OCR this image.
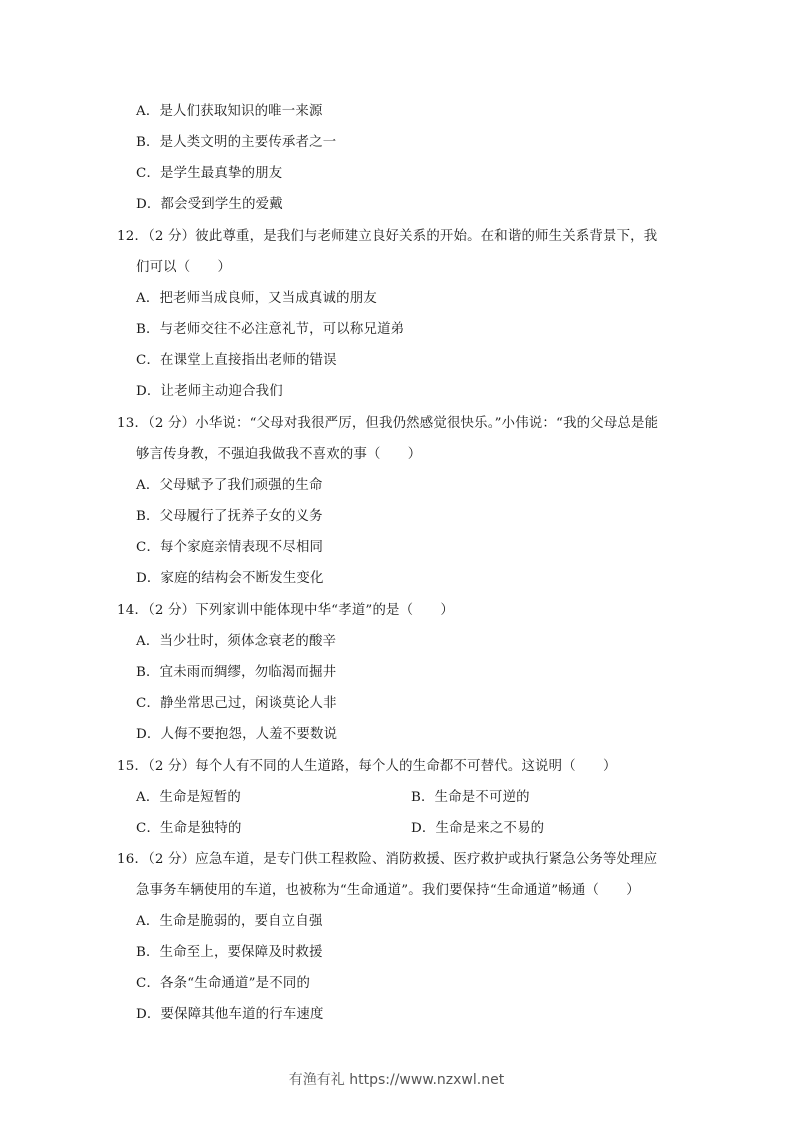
A．是人们获取知识的唯一来源
B．是人类文明的主要传承者之一
C．是学生最真挚的朋友
D．都会受到学生的爱戴
12．（2 分）彼此尊重，是我们与老师建立良好关系的开始。在和谐的师生关系背景下，我
们可以（　　）
A．把老师当成良师，又当成真诚的朋友
B．与老师交往不必注意礼节，可以称兄道弟
C．在课堂上直接指出老师的错误
D．让老师主动迎合我们
13．（2 分）小华说：“父母对我很严厉，但我仍然感觉很快乐。”小伟说：“我的父母总是能
够言传身教，不强迫我做我不喜欢的事（　　）
A．父母赋予了我们顽强的生命
B．父母履行了抚养子女的义务
C．每个家庭亲情表现不尽相同
D．家庭的结构会不断发生变化
14．（2 分）下列家训中能体现中华“孝道”的是（　　）
A．当少壮时，须体念衰老的酸辛
B．宜未雨而绸缪，勿临渴而掘井
C．静坐常思己过，闲谈莫论人非
D．人侮不要抱怨，人羞不要数说
15．（2 分）每个人有不同的人生道路，每个人的生命都不可替代。这说明（　　）
A．生命是短暂的	B．生命是不可逆的
C．生命是独特的	D．生命是来之不易的
16．（2 分）应急车道，是专门供工程救险、消防救援、医疗救护或执行紧急公务等处理应
急事务车辆使用的车道，也被称为“生命通道”。我们要保持“生命通道”畅通（　　）
A．生命是脆弱的，要自立自强
B．生命至上，要保障及时救援
C．各条“生命通道”是不同的
D．要保障其他车道的行车速度
有渔有礼 https://www.nzxwl.net
